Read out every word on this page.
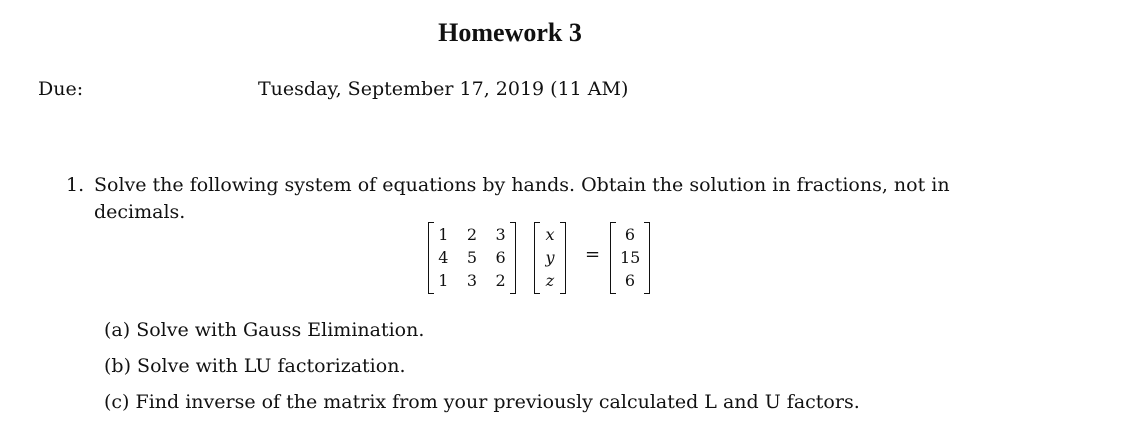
Homework 3
Due:	Tuesday, September 17, 2019 (11 AM)
1. Solve the following system of equations by hands. Obtain the solution in fractions, not in
decimals.
1	2	3
4	5	6
1	3	2
x
y
z
=
6
15
6
(a) Solve with Gauss Elimination.
(b) Solve with LU factorization.
(c) Find inverse of the matrix from your previously calculated L and U factors.
